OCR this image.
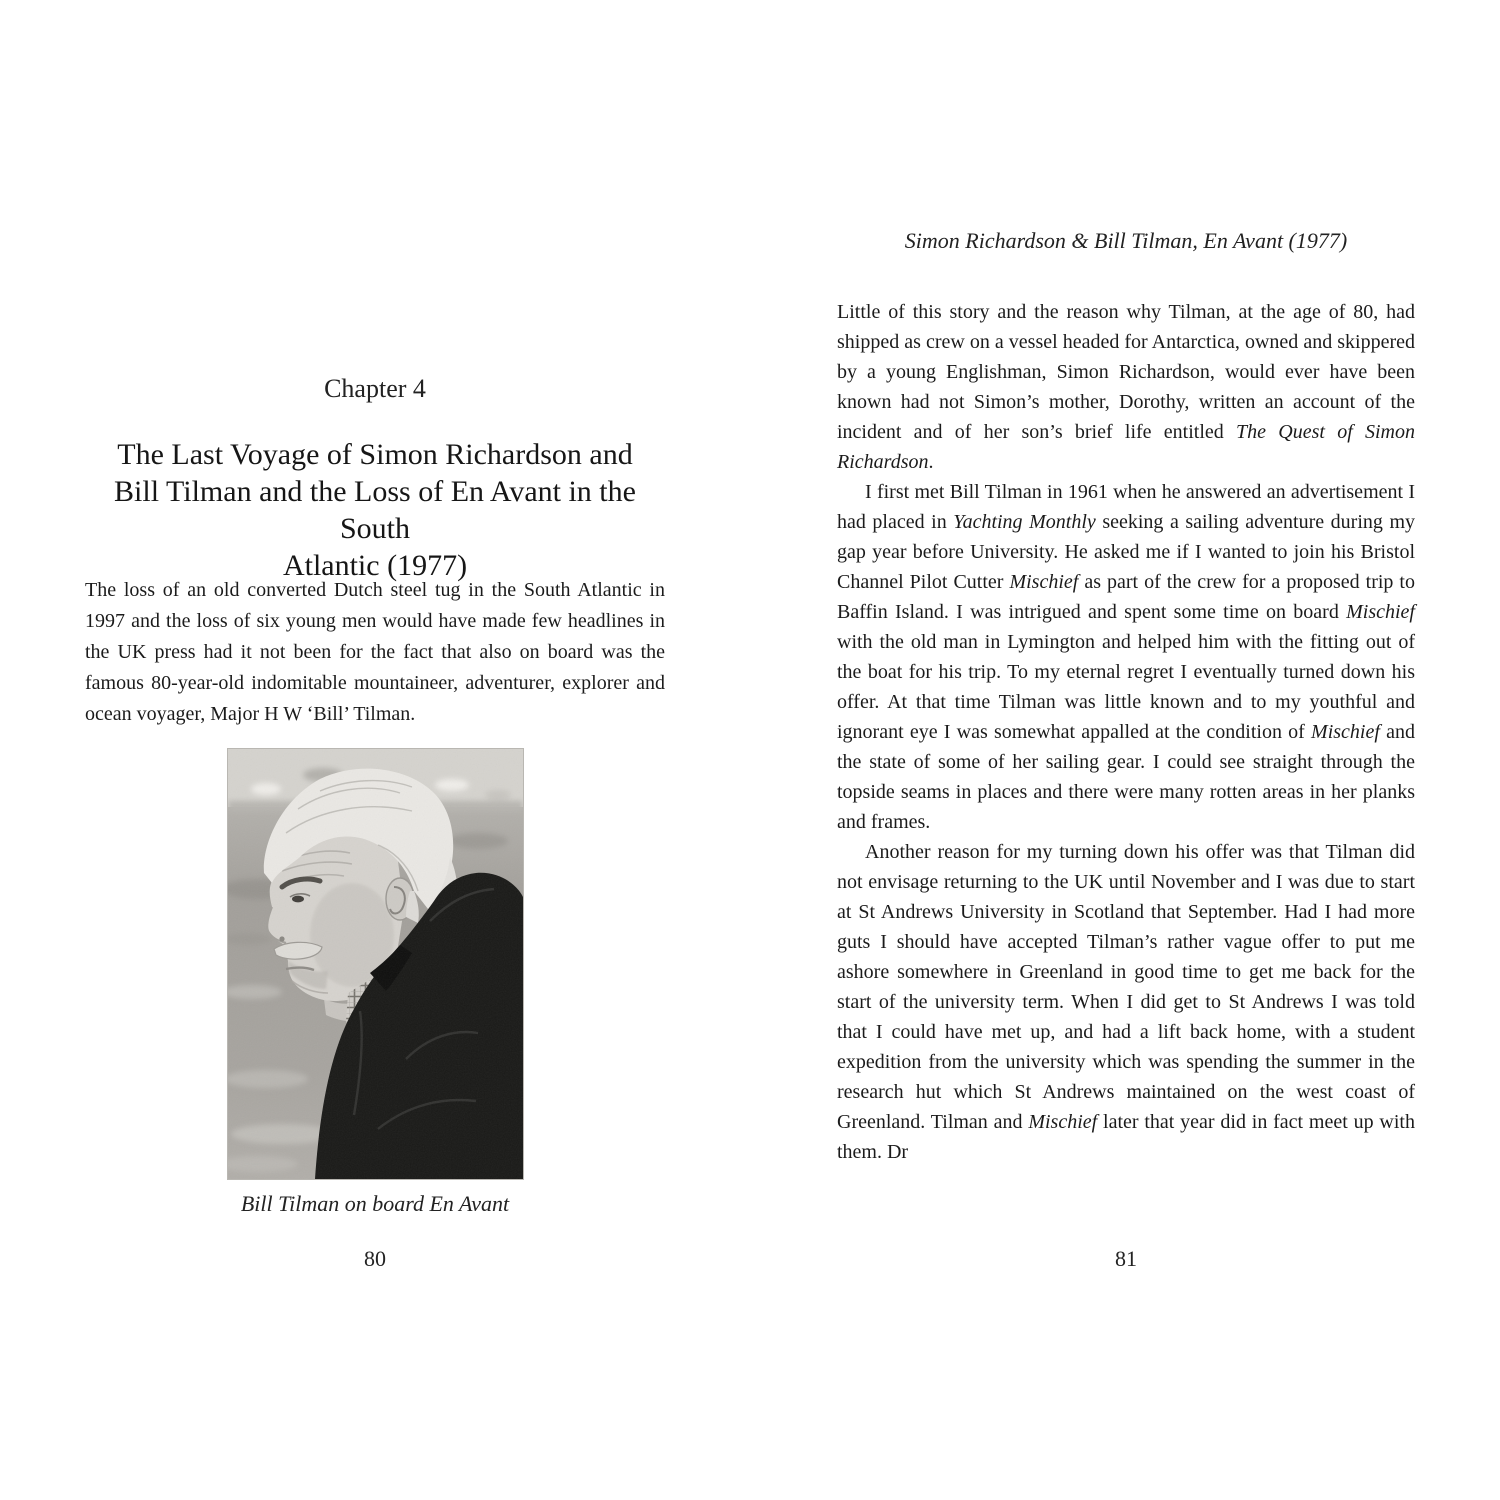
Chapter 4
The Last Voyage of Simon Richardson and
Bill Tilman and the Loss of En Avant in the South
Atlantic (1977)
The loss of an old converted Dutch steel tug in the South Atlantic in 1997 and the loss of six young men would have made few headlines in the UK press had it not been for the fact that also on board was the famous 80-year-old indomitable mountaineer, adventurer, explorer and ocean voyager, Major H W ‘Bill’ Tilman.
Bill Tilman on board En Avant
80
Simon Richardson & Bill Tilman, En Avant (1977)

Little of this story and the reason why Tilman, at the age of 80, had shipped as crew on a vessel headed for Antarctica, owned and skippered by a young Englishman, Simon Richardson, would ever have been known had not Simon’s mother, Dorothy, written an account of the incident and of her son’s brief life entitled The Quest of Simon Richardson.

I first met Bill Tilman in 1961 when he answered an advertisement I had placed in Yachting Monthly seeking a sailing adventure during my gap year before University. He asked me if I wanted to join his Bristol Channel Pilot Cutter Mischief as part of the crew for a proposed trip to Baffin Island. I was intrigued and spent some time on board Mischief with the old man in Lymington and helped him with the fitting out of the boat for his trip. To my eternal regret I eventually turned down his offer. At that time Tilman was little known and to my youthful and ignorant eye I was somewhat appalled at the condition of Mischief and the state of some of her sailing gear. I could see straight through the topside seams in places and there were many rotten areas in her planks and frames.

Another reason for my turning down his offer was that Tilman did not envisage returning to the UK until November and I was due to start at St Andrews University in Scotland that September. Had I had more guts I should have accepted Tilman’s rather vague offer to put me ashore somewhere in Greenland in good time to get me back for the start of the university term. When I did get to St Andrews I was told that I could have met up, and had a lift back home, with a student expedition from the university which was spending the summer in the research hut which St Andrews maintained on the west coast of Greenland. Tilman and Mischief later that year did in fact meet up with them. Dr

81
